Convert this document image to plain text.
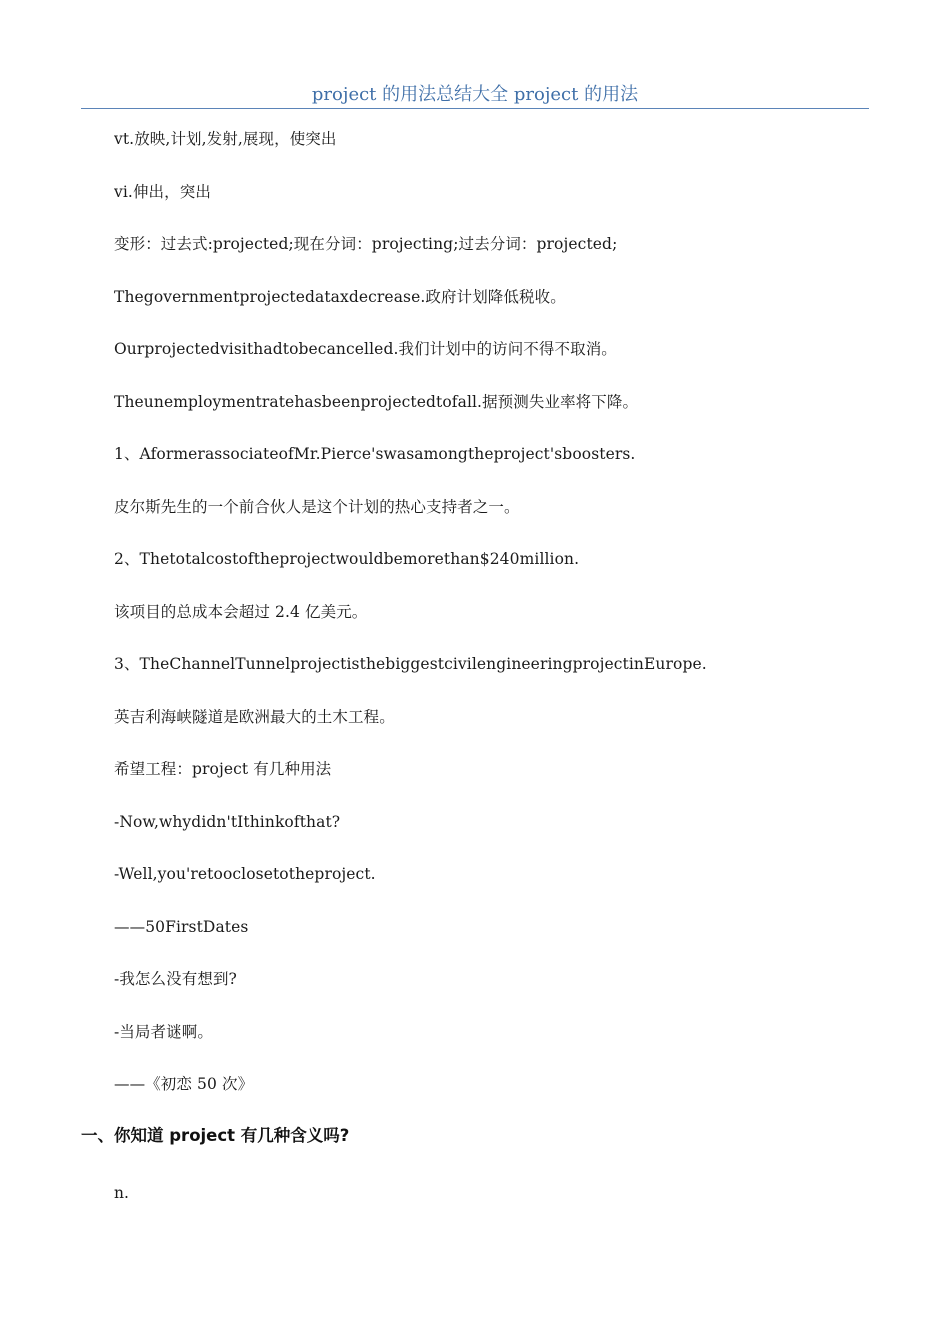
project 的用法总结大全 project 的用法
vt.放映,计划,发射,展现，使突出
vi.伸出，突出
变形：过去式:projected;现在分词：projecting;过去分词：projected;
Thegovernmentprojectedataxdecrease.政府计划降低税收。
Ourprojectedvisithadtobecancelled.我们计划中的访问不得不取消。
Theunemploymentratehasbeenprojectedtofall.据预测失业率将下降。
1、AformerassociateofMr.Pierce'swasamongtheproject'sboosters.
皮尔斯先生的一个前合伙人是这个计划的热心支持者之一。
2、Thetotalcostoftheprojectwouldbemorethan$240million.
该项目的总成本会超过 2.4 亿美元。
3、TheChannelTunnelprojectisthebiggestcivilengineeringprojectinEurope.
英吉利海峡隧道是欧洲最大的土木工程。
希望工程：project 有几种用法
-Now,whydidn'tIthinkofthat?
-Well,you'retooclosetotheproject.
——50FirstDates
-我怎么没有想到?
-当局者谜啊。
——《初恋 50 次》
一、你知道 project 有几种含义吗?
n.
